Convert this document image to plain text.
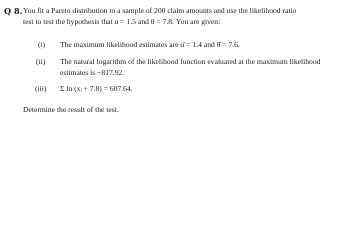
Q 8. You fit a Pareto distribution to a sample of 200 claim amounts and use the likelihood ratio
test to test the hypothesis that α = 1.5 and θ = 7.8. You are given:
(i) The maximum likelihood estimates are α̂ = 1.4 and θ̂ = 7.6.
(ii) The natural logarithm of the likelihood function evaluated at the maximum likelihood
estimates is −817.92.
(iii) Σ ln (xᵢ + 7.8) = 607.64.
Determine the result of the test.
